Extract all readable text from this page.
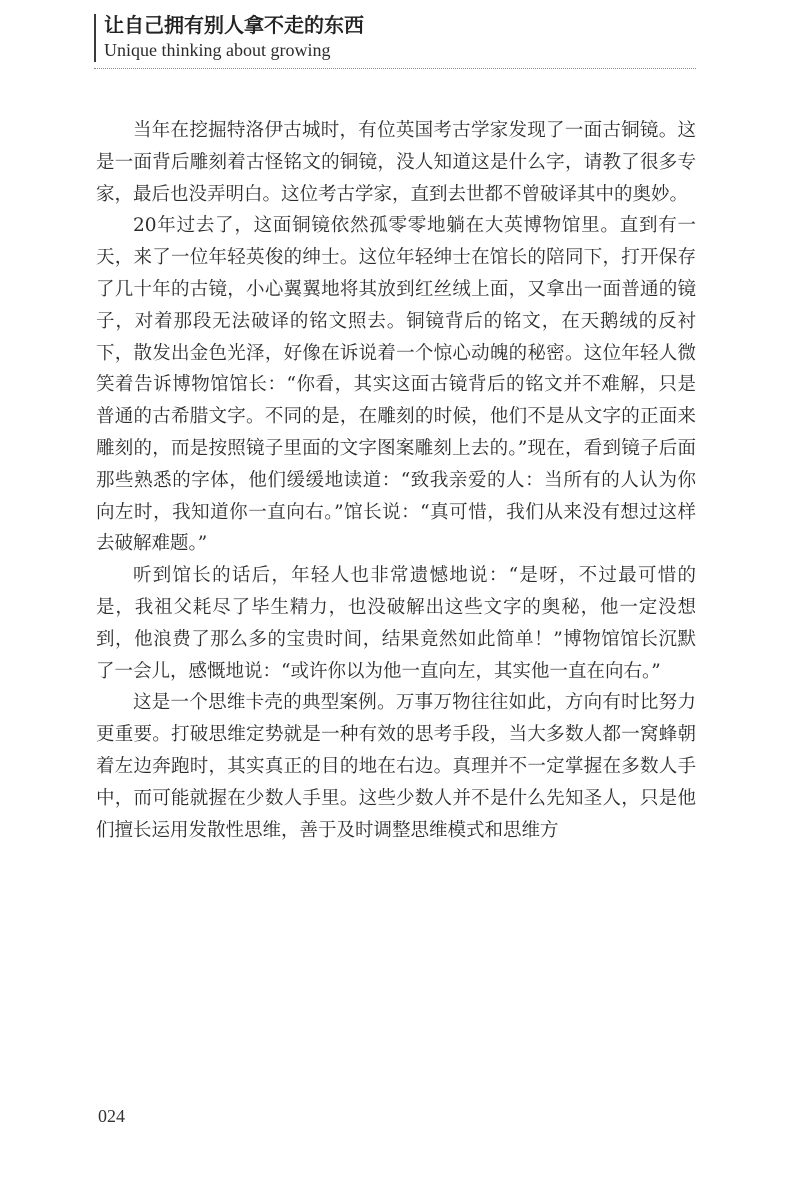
让自己拥有别人拿不走的东西
Unique thinking about growing

当年在挖掘特洛伊古城时，有位英国考古学家发现了一面古铜镜。这是一面背后雕刻着古怪铭文的铜镜，没人知道这是什么字，请教了很多专家，最后也没弄明白。这位考古学家，直到去世都不曾破译其中的奥妙。

20年过去了，这面铜镜依然孤零零地躺在大英博物馆里。直到有一天，来了一位年轻英俊的绅士。这位年轻绅士在馆长的陪同下，打开保存了几十年的古镜，小心翼翼地将其放到红丝绒上面，又拿出一面普通的镜子，对着那段无法破译的铭文照去。铜镜背后的铭文，在天鹅绒的反衬下，散发出金色光泽，好像在诉说着一个惊心动魄的秘密。这位年轻人微笑着告诉博物馆馆长：“你看，其实这面古镜背后的铭文并不难解，只是普通的古希腊文字。不同的是，在雕刻的时候，他们不是从文字的正面来雕刻的，而是按照镜子里面的文字图案雕刻上去的。”现在，看到镜子后面那些熟悉的字体，他们缓缓地读道：“致我亲爱的人：当所有的人认为你向左时，我知道你一直向右。”馆长说：“真可惜，我们从来没有想过这样去破解难题。”

听到馆长的话后，年轻人也非常遗憾地说：“是呀，不过最可惜的是，我祖父耗尽了毕生精力，也没破解出这些文字的奥秘，他一定没想到，他浪费了那么多的宝贵时间，结果竟然如此简单！”博物馆馆长沉默了一会儿，感慨地说：“或许你以为他一直向左，其实他一直在向右。”

这是一个思维卡壳的典型案例。万事万物往往如此，方向有时比努力更重要。打破思维定势就是一种有效的思考手段，当大多数人都一窝蜂朝着左边奔跑时，其实真正的目的地在右边。真理并不一定掌握在多数人手中，而可能就握在少数人手里。这些少数人并不是什么先知圣人，只是他们擅长运用发散性思维，善于及时调整思维模式和思维方

024
